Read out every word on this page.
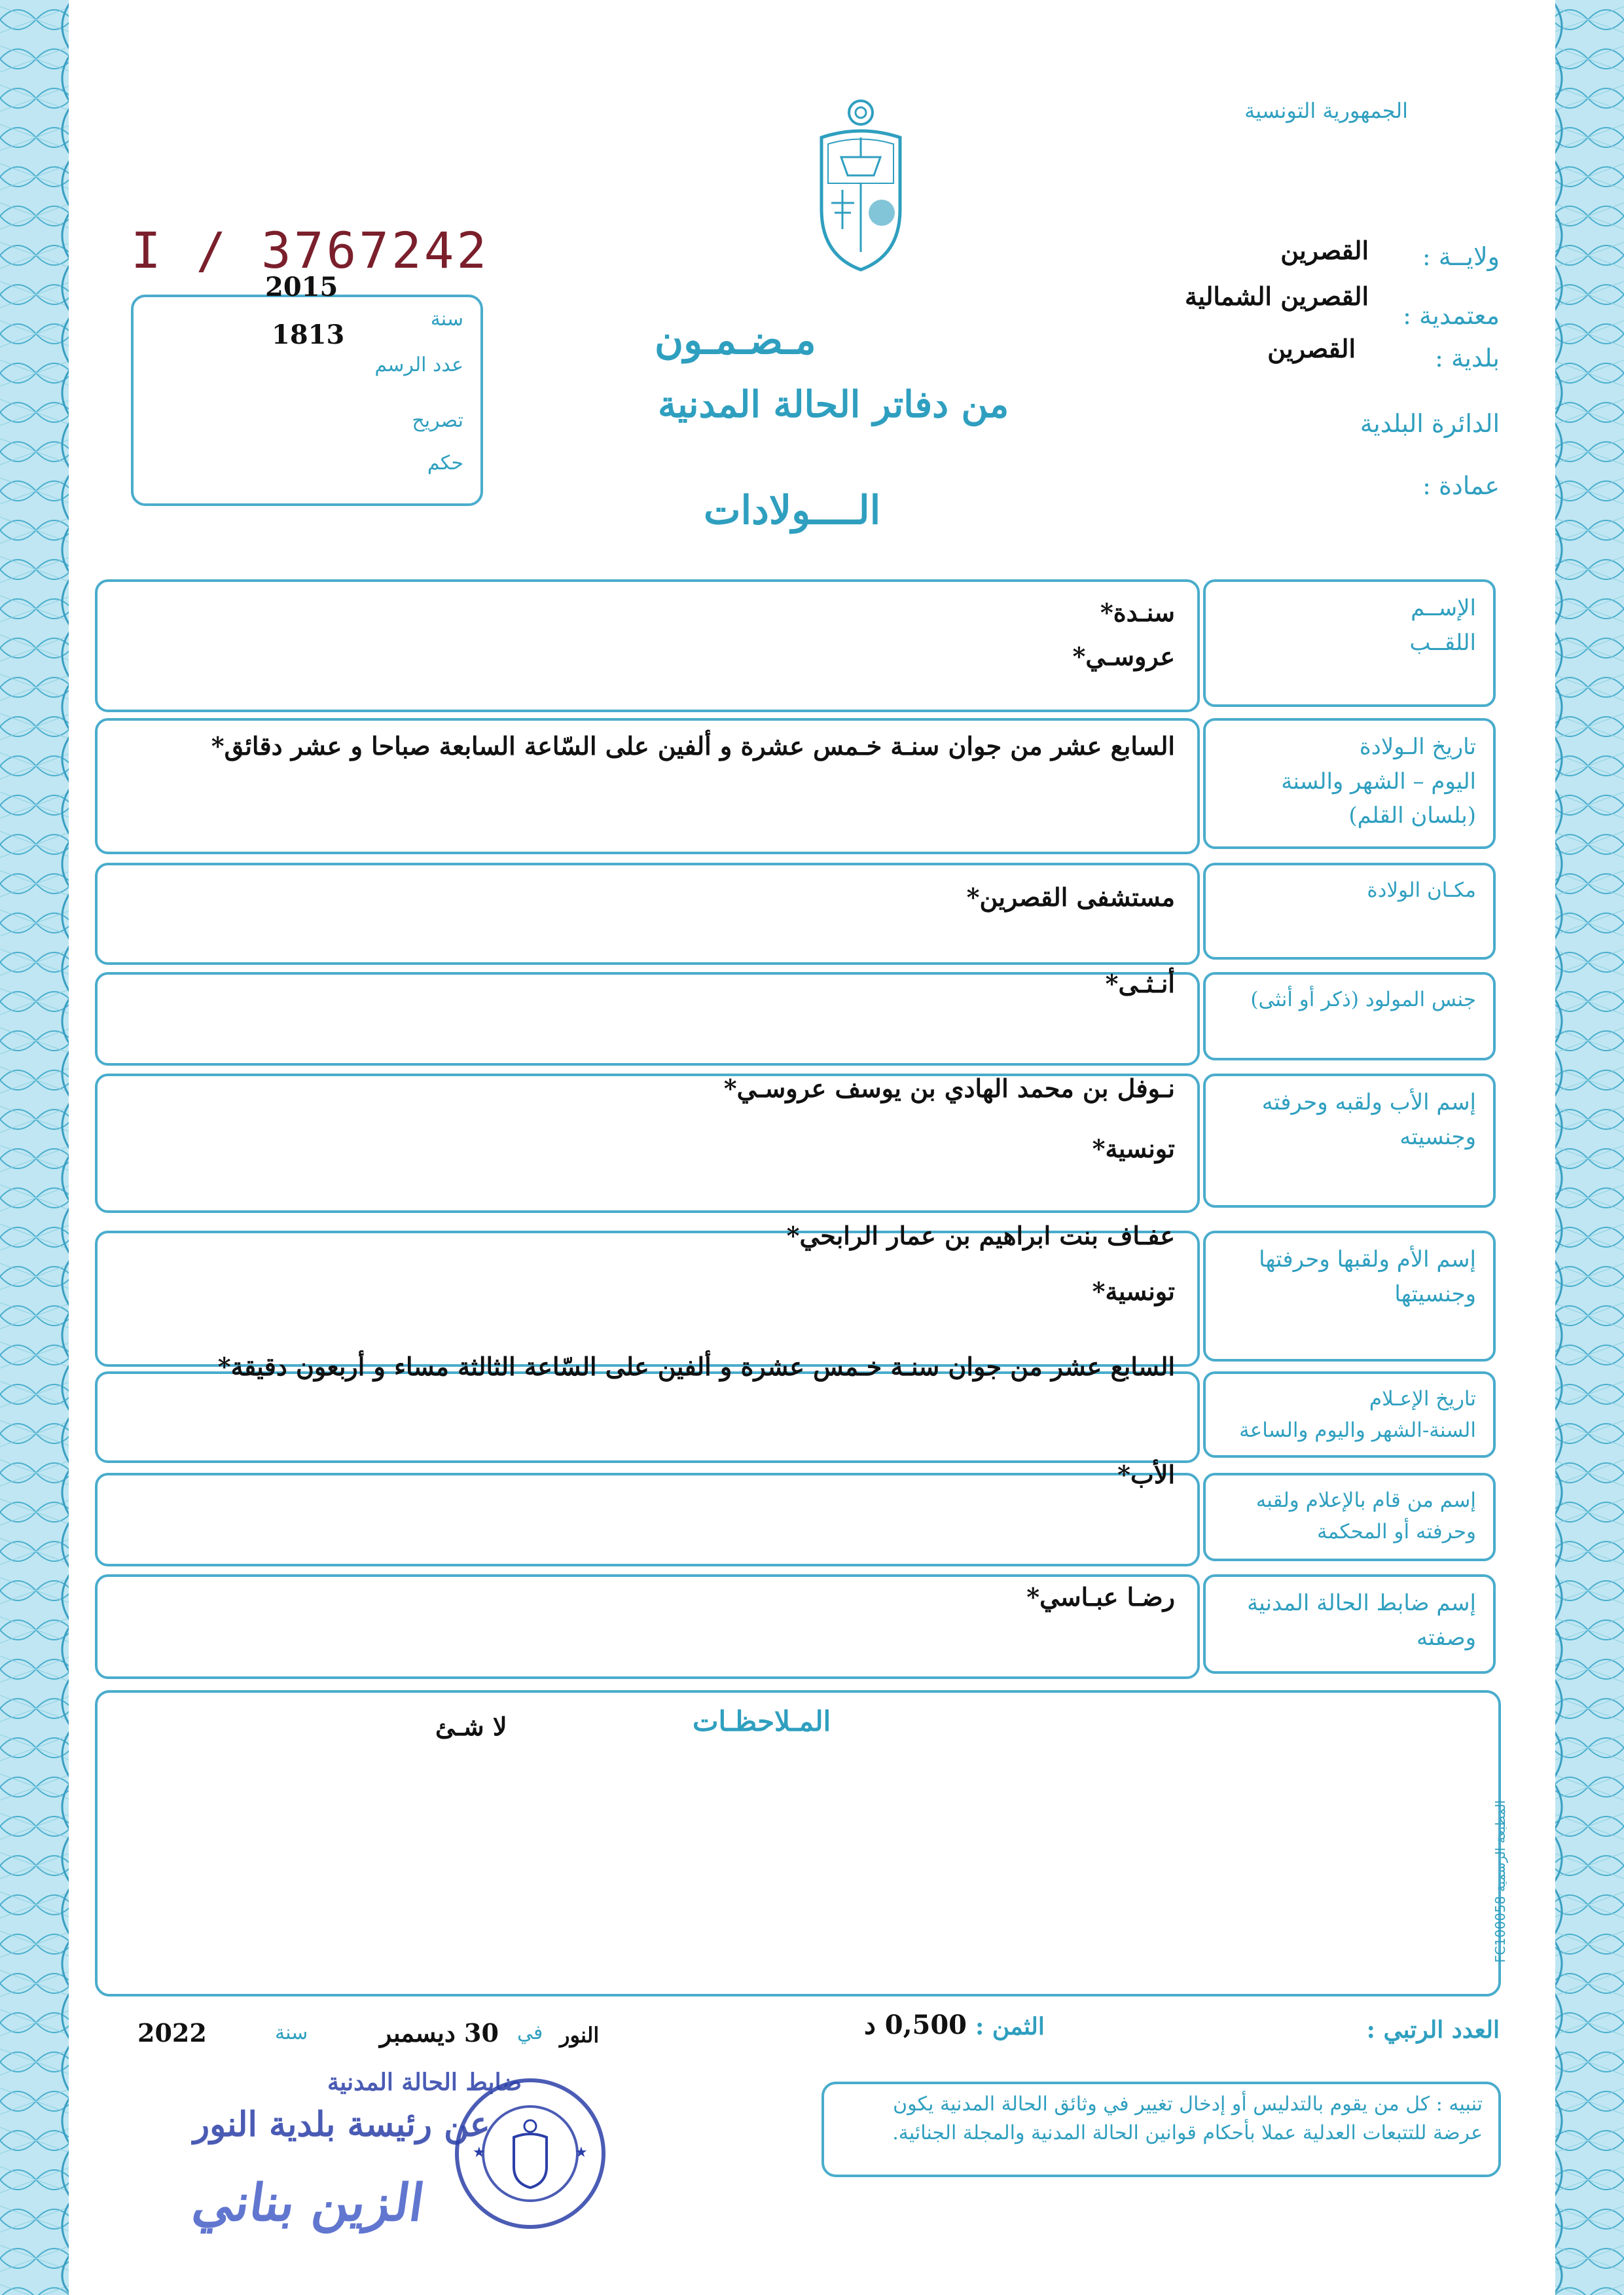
الجمهورية التونسية
I / 3767242
2015
1813
سنة
عدد الرسم
تصريح
حكم
ولايــة :
القصرين
معتمدية :
القصرين الشمالية
بلدية :
القصرين
الدائرة البلدية
عمادة :
مـضـمـون
من دفاتر الحالة المدنية
الــــولادات
الإســم
اللقــب
سنـدة*
عروسـي*
تاريخ الـولادة
اليوم – الشهر والسنة
(بلسان القلم)
السابع عشر من جوان سنـة خـمس عشرة و ألفين على السّاعة السابعة صباحا و عشر دقائق*
مكـان الولادة
مستشفى القصرين*
جنس المولود (ذكر أو أنثى)
أنـثـى*
إسم الأب ولقبه وحرفته
وجنسيته
نـوفل بن محمد الهادي بن يوسف عروسـي*
تونسية*
إسم الأم ولقبها وحرفتها
وجنسيتها
عفـاف بنت ابراهيم بن عمار الرابحي*
تونسية*
تاريخ الإعـلام
السنة-الشهر واليوم والساعة
السابع عشر من جوان سنـة خـمس عشرة و ألفين على السّاعة الثالثة مساء و أربعون دقيقة*
إسم من قام بالإعلام ولقبه
وحرفته أو المحكمة
الأب*
إسم ضابط الحالة المدنية
وصفته
رضـا عبـاسي*
المـلاحظـات
لا شـئ
المطبعة الرسمية FC100058
العدد الرتبي :
الثمن :
0,500 د
النور
في
30 ديسمبر
سنة
2022
تنبيه : كل من يقوم بالتدليس أو إدخال تغيير في وثائق الحالة المدنية يكون عرضة للتتبعات العدلية عملا بأحكام قوانين الحالة المدنية والمجلة الجنائية.
★	★
ضابط الحالة المدنية
عن رئيسة بلدية النور
الزين بناني
